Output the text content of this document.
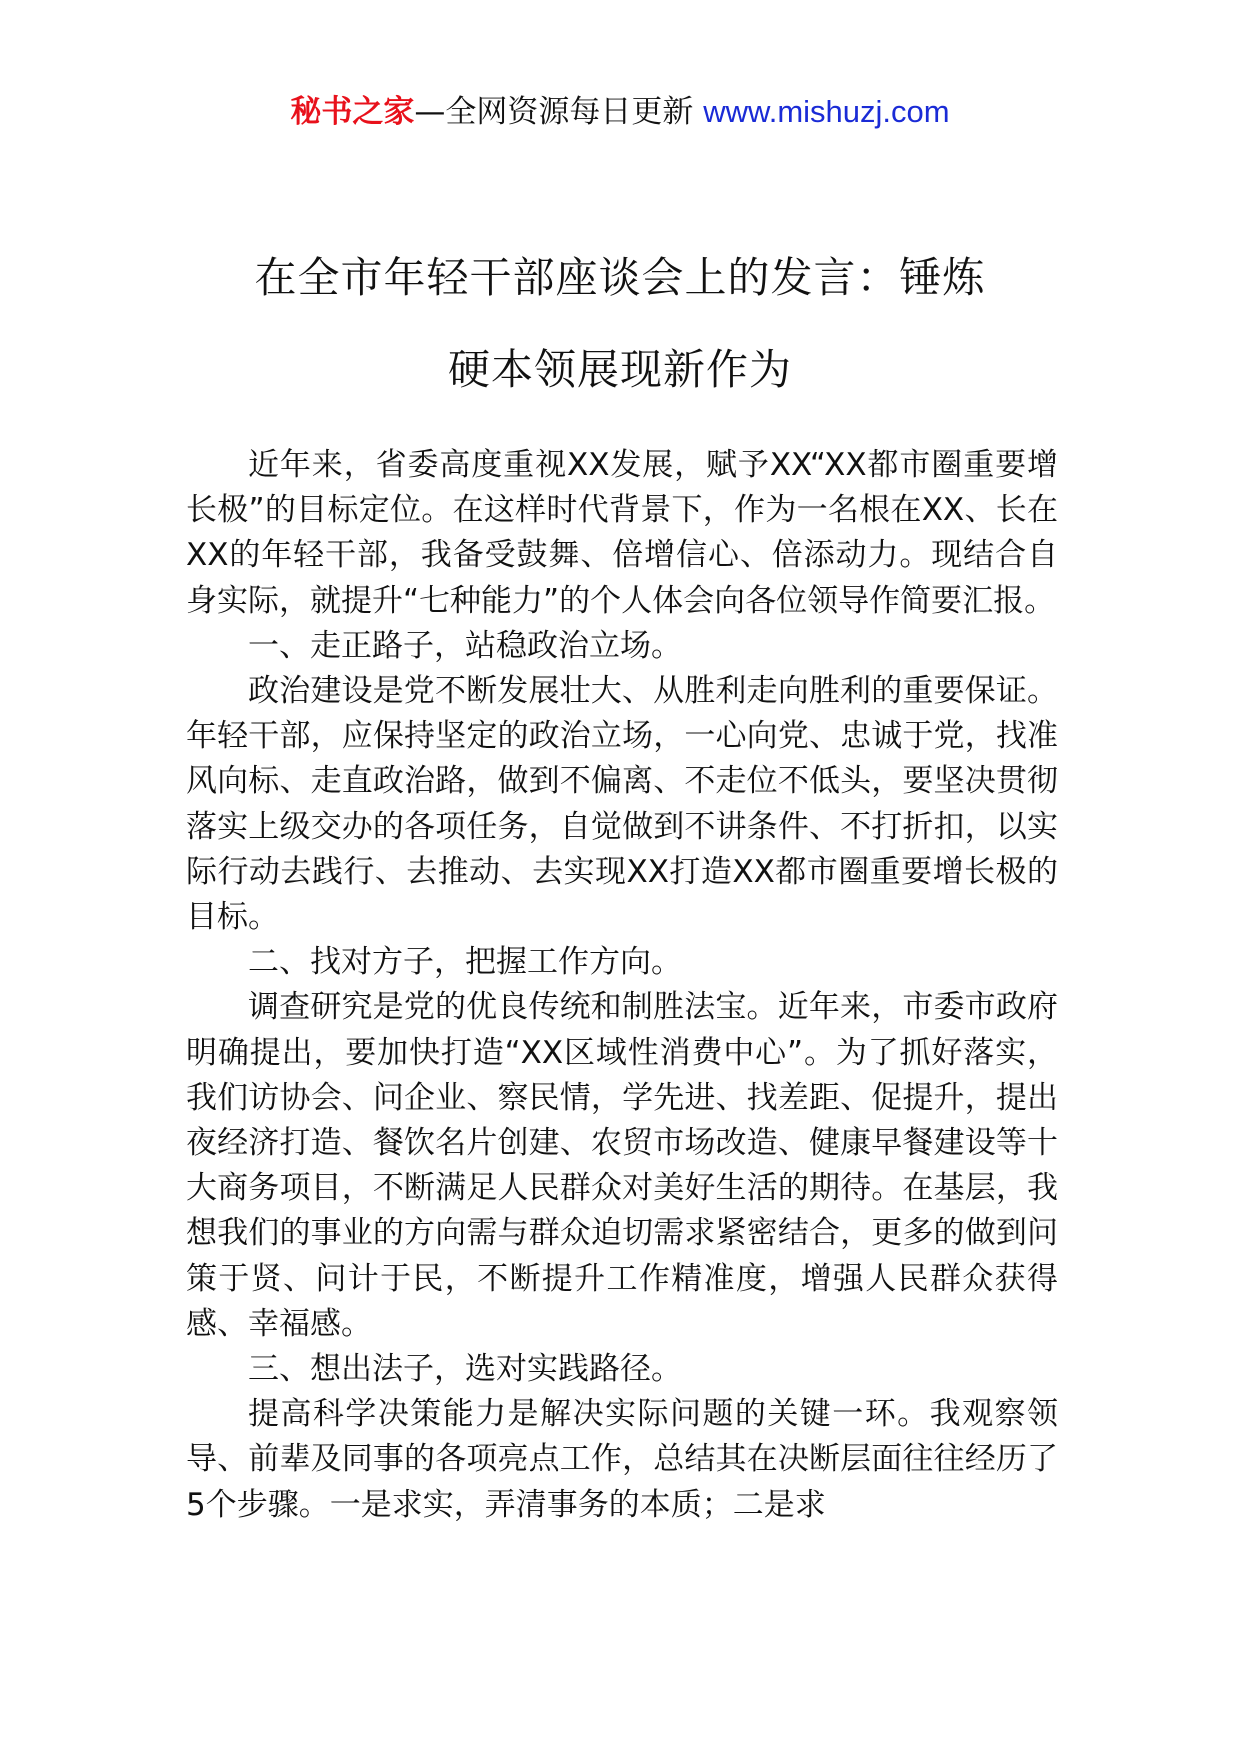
秘书之家—全网资源每日更新 www.mishuzj.com
在全市年轻干部座谈会上的发言：锤炼
硬本领展现新作为

近年来，省委高度重视XX发展，赋予XX“XX都市圈重要增长极”的目标定位。在这样时代背景下，作为一名根在XX、长在XX的年轻干部，我备受鼓舞、倍增信心、倍添动力。现结合自身实际，就提升“七种能力”的个人体会向各位领导作简要汇报。

一、走正路子，站稳政治立场。

政治建设是党不断发展壮大、从胜利走向胜利的重要保证。年轻干部，应保持坚定的政治立场，一心向党、忠诚于党，找准风向标、走直政治路，做到不偏离、不走位不低头，要坚决贯彻落实上级交办的各项任务，自觉做到不讲条件、不打折扣，以实际行动去践行、去推动、去实现XX打造XX都市圈重要增长极的目标。

二、找对方子，把握工作方向。

调查研究是党的优良传统和制胜法宝。近年来，市委市政府明确提出，要加快打造“XX区域性消费中心”。为了抓好落实，我们访协会、问企业、察民情，学先进、找差距、促提升，提出夜经济打造、餐饮名片创建、农贸市场改造、健康早餐建设等十大商务项目，不断满足人民群众对美好生活的期待。在基层，我想我们的事业的方向需与群众迫切需求紧密结合，更多的做到问策于贤、问计于民，不断提升工作精准度，增强人民群众获得感、幸福感。

三、想出法子，选对实践路径。

提高科学决策能力是解决实际问题的关键一环。我观察领导、前辈及同事的各项亮点工作，总结其在决断层面往往经历了5个步骤。一是求实，弄清事务的本质；二是求
